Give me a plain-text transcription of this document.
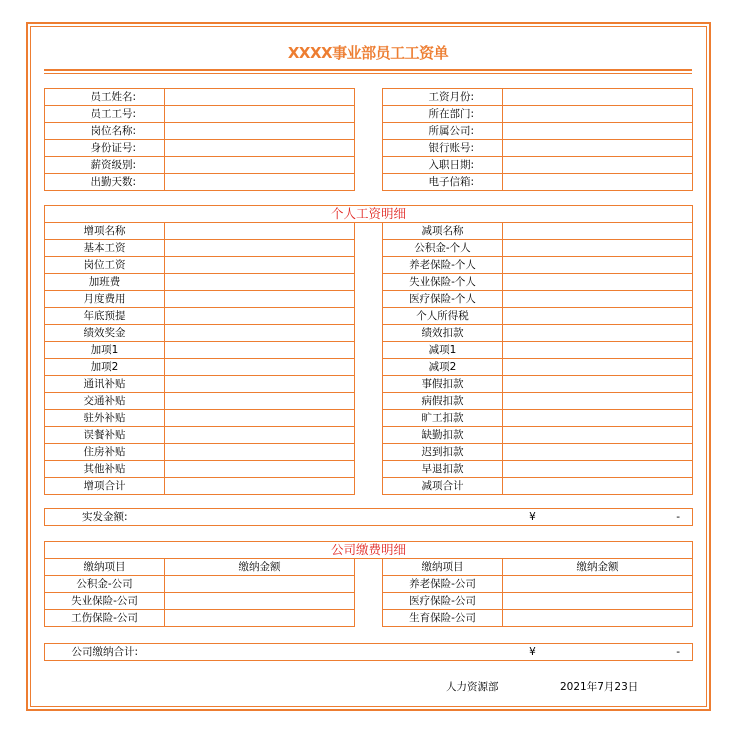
XXXX事业部员工工资单
员工姓名:			工资月份:	
员工工号:			所在部门:	
岗位名称:			所属公司:	
身份证号:			银行账号:	
薪资级别:			入职日期:	
出勤天数:			电子信箱:	
个人工资明细				
增项名称			减项名称	
基本工资			公积金-个人	
岗位工资			养老保险-个人	
加班费			失业保险-个人	
月度费用			医疗保险-个人	
年底预提			个人所得税	
绩效奖金			绩效扣款	
加项1			减项1	
加项2			减项2	
通讯补贴			事假扣款	
交通补贴			病假扣款	
驻外补贴			旷工扣款	
误餐补贴			缺勤扣款	
住房补贴			迟到扣款	
其他补贴			早退扣款	
增项合计			减项合计	
实发金额:		¥	-
公司缴费明细				
缴纳项目	缴纳金额		缴纳项目	缴纳金额
公积金-公司			养老保险-公司	
失业保险-公司			医疗保险-公司	
工伤保险-公司			生育保险-公司	
公司缴纳合计:		¥	-
人力资源部	2021年7月23日
